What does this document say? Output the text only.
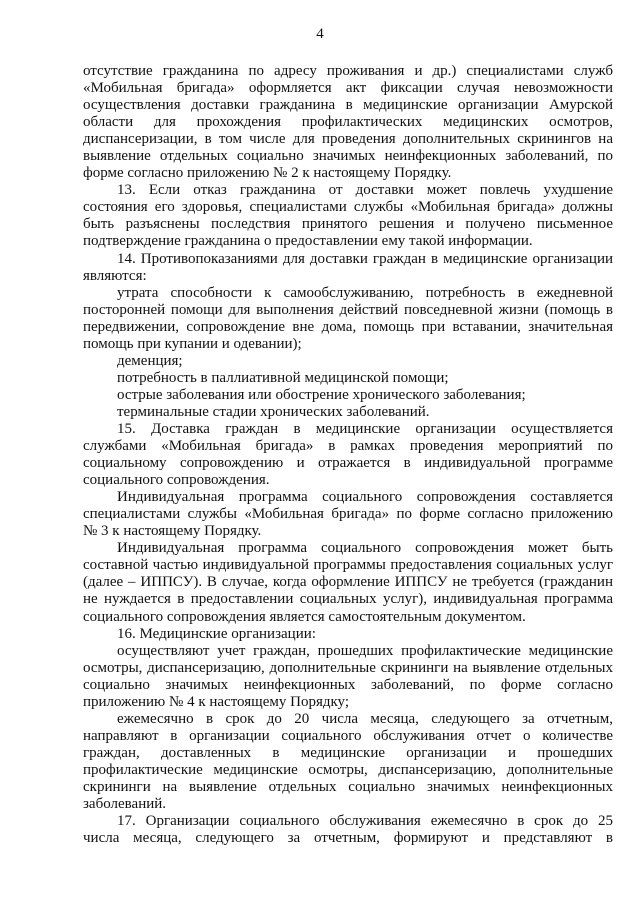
4
отсутствие гражданина по адресу проживания и др.) специалистами служб
«Мобильная бригада» оформляется акт фиксации случая невозможности
осуществления доставки гражданина в медицинские организации Амурской
области для прохождения профилактических медицинских осмотров,
диспансеризации, в том числе для проведения дополнительных скринингов на
выявление отдельных социально значимых неинфекционных заболеваний, по
форме согласно приложению № 2 к настоящему Порядку.
13. Если отказ гражданина от доставки может повлечь ухудшение
состояния его здоровья, специалистами службы «Мобильная бригада» должны
быть разъяснены последствия принятого решения и получено письменное
подтверждение гражданина о предоставлении ему такой информации.
14. Противопоказаниями для доставки граждан в медицинские организации
являются:
утрата способности к самообслуживанию, потребность в ежедневной
посторонней помощи для выполнения действий повседневной жизни (помощь в
передвижении, сопровождение вне дома, помощь при вставании, значительная
помощь при купании и одевании);
деменция;
потребность в паллиативной медицинской помощи;
острые заболевания или обострение хронического заболевания;
терминальные стадии хронических заболеваний.
15. Доставка граждан в медицинские организации осуществляется
службами «Мобильная бригада» в рамках проведения мероприятий по
социальному сопровождению и отражается в индивидуальной программе
социального сопровождения.
Индивидуальная программа социального сопровождения составляется
специалистами службы «Мобильная бригада» по форме согласно приложению
№ 3 к настоящему Порядку.
Индивидуальная программа социального сопровождения может быть
составной частью индивидуальной программы предоставления социальных услуг
(далее – ИППСУ). В случае, когда оформление ИППСУ не требуется (гражданин
не нуждается в предоставлении социальных услуг), индивидуальная программа
социального сопровождения является самостоятельным документом.
16. Медицинские организации:
осуществляют учет граждан, прошедших профилактические медицинские
осмотры, диспансеризацию, дополнительные скрининги на выявление отдельных
социально значимых неинфекционных заболеваний, по форме согласно
приложению № 4 к настоящему Порядку;
ежемесячно в срок до 20 числа месяца, следующего за отчетным,
направляют в организации социального обслуживания отчет о количестве
граждан, доставленных в медицинские организации и прошедших
профилактические медицинские осмотры, диспансеризацию, дополнительные
скрининги на выявление отдельных социально значимых неинфекционных
заболеваний.
17. Организации социального обслуживания ежемесячно в срок до 25
числа месяца, следующего за отчетным, формируют и представляют в
